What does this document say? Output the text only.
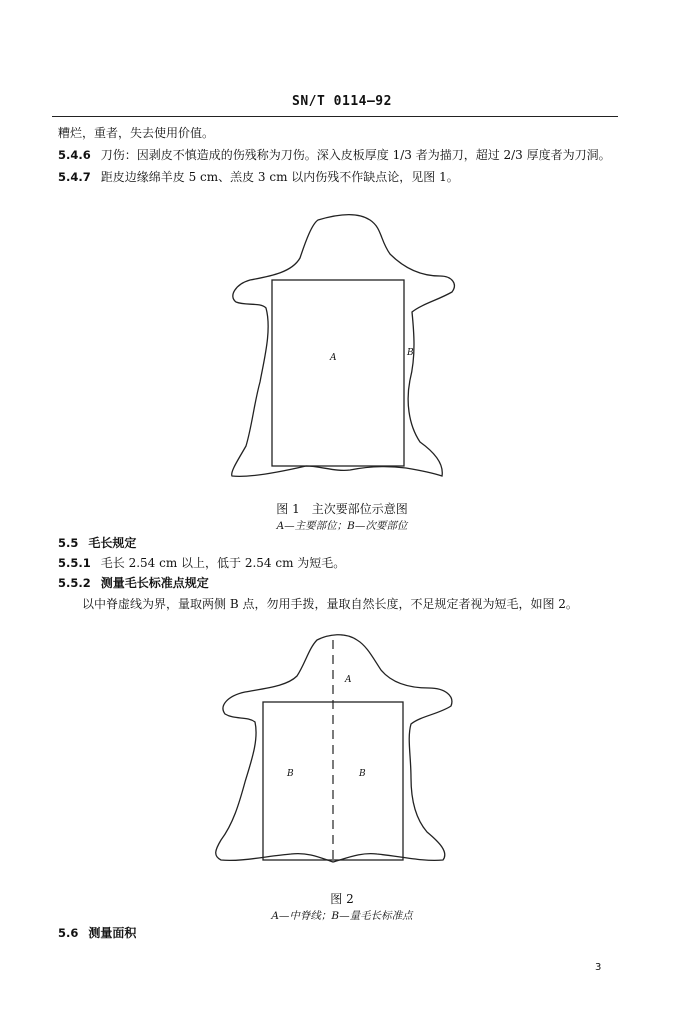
SN/T 0114—92
糟烂，重者，失去使用价值。
5.4.6 刀伤：因剥皮不慎造成的伤残称为刀伤。深入皮板厚度 1/3 者为描刀，超过 2/3 厚度者为刀洞。
5.4.7 距皮边缘绵羊皮 5 cm、羔皮 3 cm 以内伤残不作缺点论，见图 1。
A	B
图 1　主次要部位示意图
A—主要部位；B—次要部位
5.5 毛长规定
5.5.1 毛长 2.54 cm 以上，低于 2.54 cm 为短毛。
5.5.2 测量毛长标准点规定
以中脊虚线为界，量取两侧 B 点，勿用手拨，量取自然长度，不足规定者视为短毛，如图 2。
A
B	B
图 2
A—中脊线；B—量毛长标准点
5.6 测量面积
3
